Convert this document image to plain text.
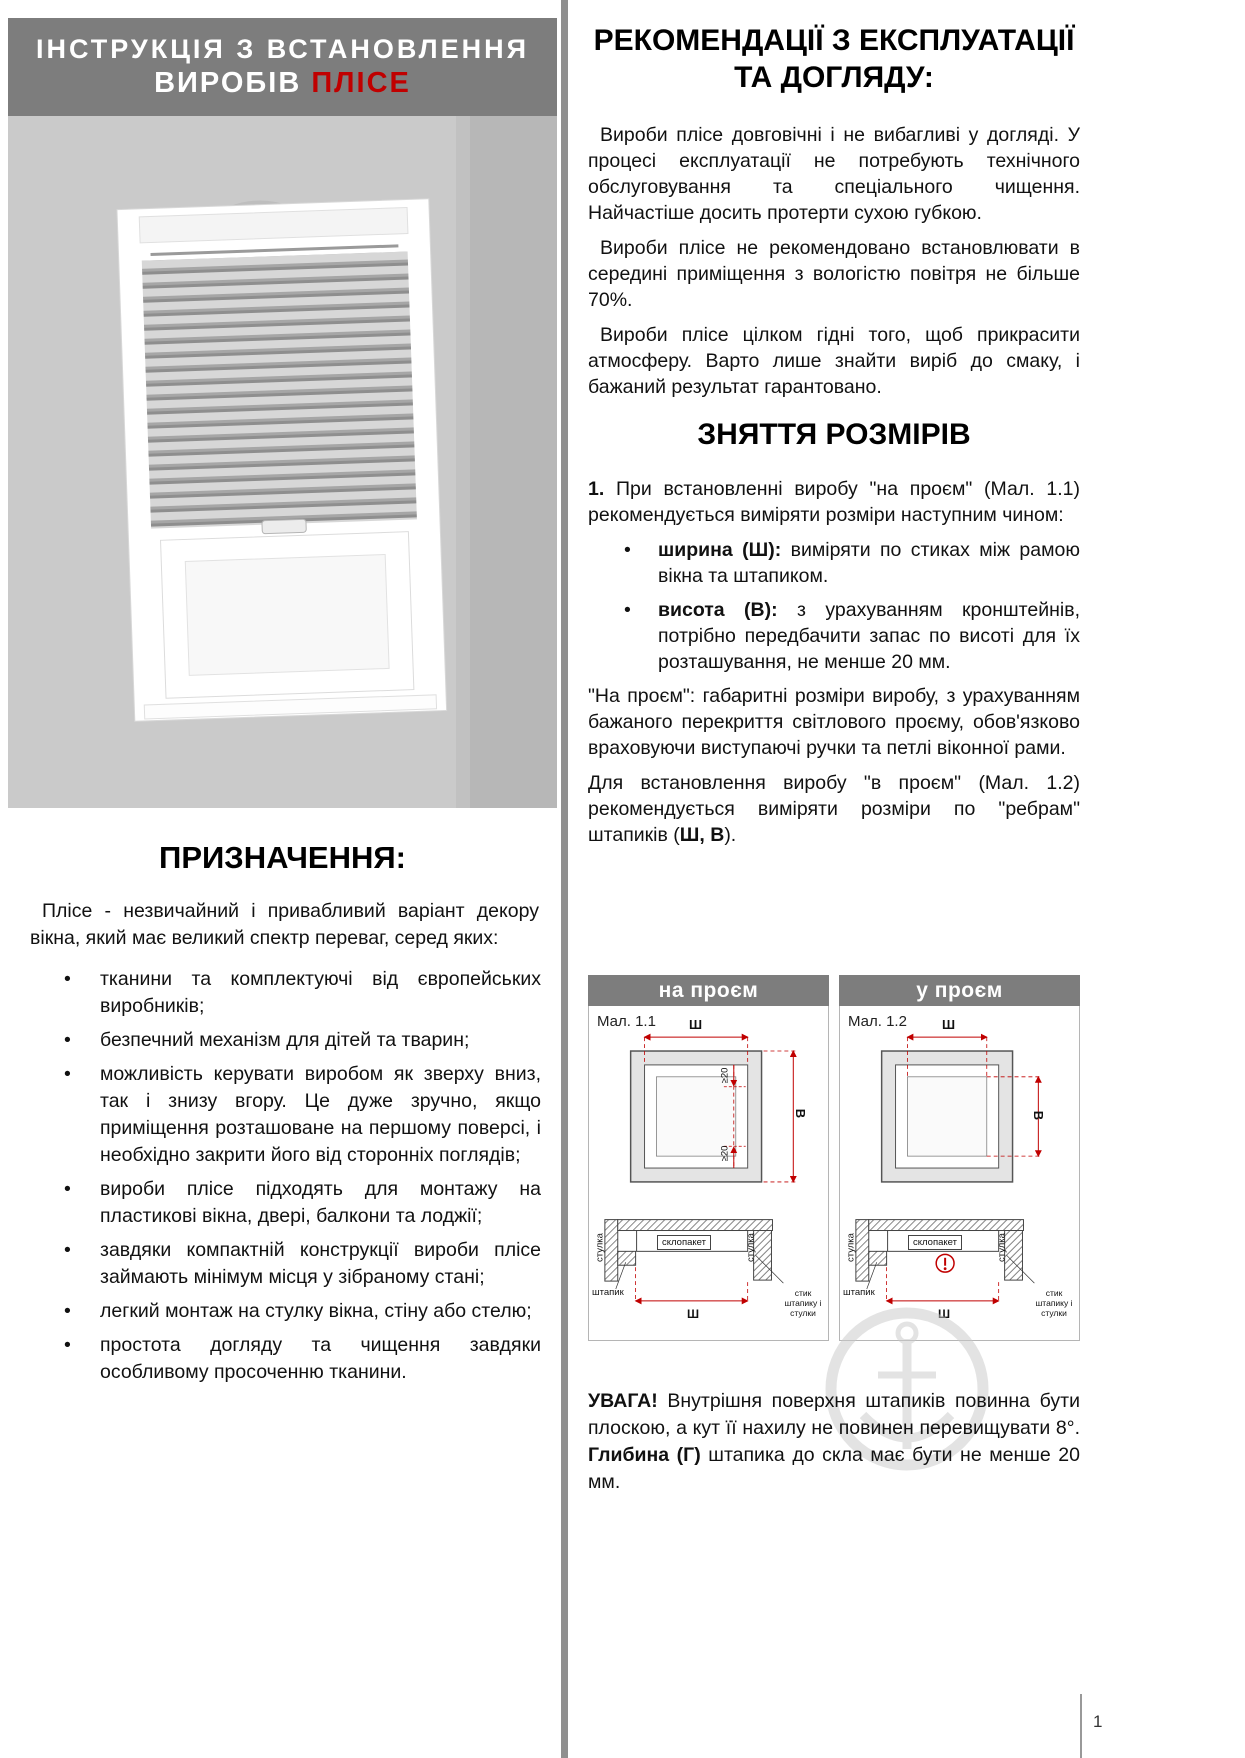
ІНСТРУКЦІЯ З ВСТАНОВЛЕННЯ
ВИРОБІВ ПЛІСЕ
ПРИЗНАЧЕННЯ:

Плісе - незвичайний і привабливий варіант декору вікна, який має великий спектр переваг, серед яких:

• тканини та комплектуючі від європейських виробників;
• безпечний механізм для дітей та тварин;
• можливість керувати виробом як зверху вниз, так і знизу вгору. Це дуже зручно, якщо приміщення розташоване на першому поверсі, і необхідно закрити його від сторонніх поглядів;
• вироби плісе підходять для монтажу на пластикові вікна, двері, балкони та лоджії;
• завдяки компактній конструкції вироби плісе займають мінімум місця у зібраному стані;
• легкий монтаж на стулку вікна, стіну або стелю;
• простота догляду та чищення завдяки особливому просоченню тканини.
РЕКОМЕНДАЦІЇ З ЕКСПЛУАТАЦІЇ
ТА ДОГЛЯДУ:

Вироби плісе довговічні і не вибагливі у догляді. У процесі експлуатації не потребують технічного обслуговування та спеціального чищення. Найчастіше досить протерти сухою губкою.

Вироби плісе не рекомендовано встановлювати в середині приміщення з вологістю повітря не більше 70%.

Вироби плісе цілком гідні того, щоб прикрасити атмосферу. Варто лише знайти виріб до смаку, і бажаний результат гарантовано.

ЗНЯТТЯ РОЗМІРІВ

1. При встановленні виробу "на проєм" (Мал. 1.1) рекомендується виміряти розміри наступним чином:

• ширина (Ш): виміряти по стиках між рамою вікна та штапиком.
• висота (В): з урахуванням кронштейнів, потрібно передбачити запас по висоті для їх розташування, не менше 20 мм.

"На проєм": габаритні розміри виробу, з урахуванням бажаного перекриття світлового проєму, обов'язково враховуючи виступаючі ручки та петлі віконної рами.

Для встановлення виробу "в проєм" (Мал. 1.2) рекомендується виміряти розміри по "ребрам" штапиків (Ш, В).

на проєм
Мал. 1.1	Ш
В
≥20
≥20
стулка	склопакет	стулка
штапик
Ш
стик штапику і стулки
у проєм
Мал. 1.2	Ш
В
стулка	склопакет	стулка
штапик
Ш
стик штапику і стулки
УВАГА! Внутрішня поверхня штапиків повинна бути плоскою, а кут її нахилу не повинен перевищувати 8°. Глибина (Г) штапика до скла має бути не менше 20 мм.
1
